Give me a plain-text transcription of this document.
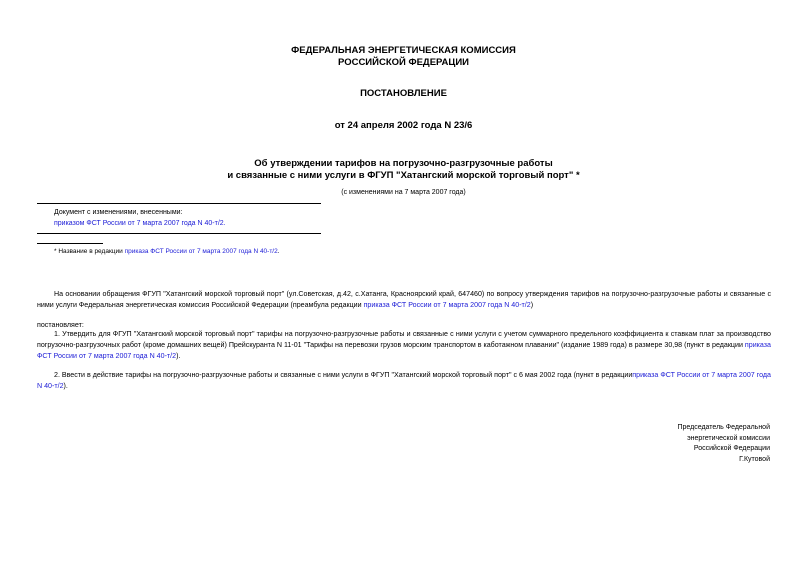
ФЕДЕРАЛЬНАЯ ЭНЕРГЕТИЧЕСКАЯ КОМИССИЯ
РОССИЙСКОЙ ФЕДЕРАЦИИ
ПОСТАНОВЛЕНИЕ
от 24 апреля 2002 года N 23/6
Об утверждении тарифов на погрузочно-разгрузочные работы
и связанные с ними услуги в ФГУП "Хатангский морской торговый порт" *
(с изменениями на 7 марта 2007 года)
Документ с изменениями, внесенными:
приказом ФСТ России от 7 марта 2007 года N 40-т/2.
* Название в редакции приказа ФСТ России от 7 марта 2007 года N 40-т/2.
На основании обращения ФГУП "Хатангский морской торговый порт" (ул.Советская, д.42, с.Хатанга, Красноярский край, 647460) по вопросу утверждения тарифов на погрузочно-разгрузочные работы и связанные с ними услуги Федеральная энергетическая комиссия Российской Федерации (преамбула редакции приказа ФСТ России от 7 марта 2007 года N 40-т/2)
постановляет:
1. Утвердить для ФГУП "Хатангский морской торговый порт" тарифы на погрузочно-разгрузочные работы и связанные с ними услуги с учетом суммарного предельного коэффициента к ставкам плат за производство погрузочно-разгрузочных работ (кроме домашних вещей) Прейскуранта N 11-01 "Тарифы на перевозки грузов морским транспортом в каботажном плавании" (издание 1989 года) в размере 30,98 (пункт в редакции приказа ФСТ России от 7 марта 2007 года N 40-т/2).
2. Ввести в действие тарифы на погрузочно-разгрузочные работы и связанные с ними услуги в ФГУП "Хатангский морской торговый порт" с 6 мая 2002 года (пункт в редакцииприказа ФСТ России от 7 марта 2007 года N 40-т/2).
Председатель Федеральной
энергетической комиссии
Российской Федерации
Г.Кутовой
